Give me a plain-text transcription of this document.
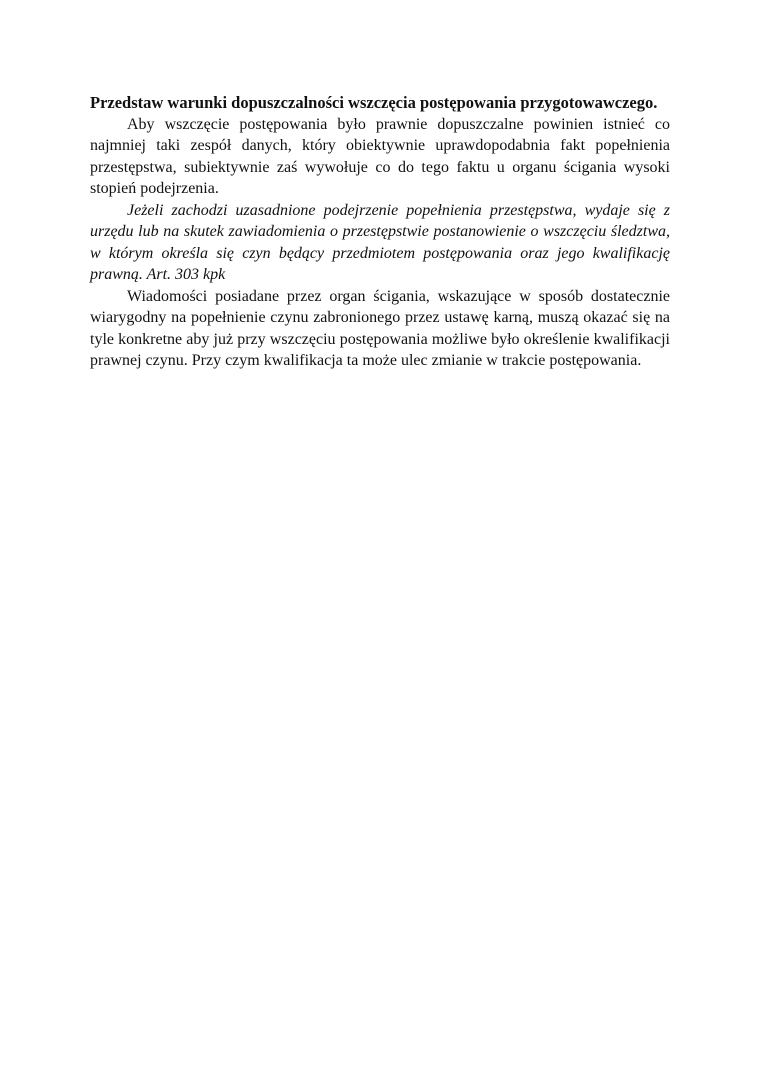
Przedstaw warunki dopuszczalności wszczęcia postępowania przygotowawczego.

Aby wszczęcie postępowania było prawnie dopuszczalne powinien istnieć co najmniej taki zespół danych, który obiektywnie uprawdopodabnia fakt popełnienia przestępstwa, subiektywnie zaś wywołuje co do tego faktu u organu ścigania wysoki stopień podejrzenia.

Jeżeli zachodzi uzasadnione podejrzenie popełnienia przestępstwa, wydaje się z urzędu lub na skutek zawiadomienia o przestępstwie postanowienie o wszczęciu śledztwa, w którym określa się czyn będący przedmiotem postępowania oraz jego kwalifikację prawną. Art. 303 kpk

Wiadomości posiadane przez organ ścigania, wskazujące w sposób dostatecznie wiarygodny na popełnienie czynu zabronionego przez ustawę karną, muszą okazać się na tyle konkretne aby już przy wszczęciu postępowania możliwe było określenie kwalifikacji prawnej czynu. Przy czym kwalifikacja ta może ulec zmianie w trakcie postępowania.
